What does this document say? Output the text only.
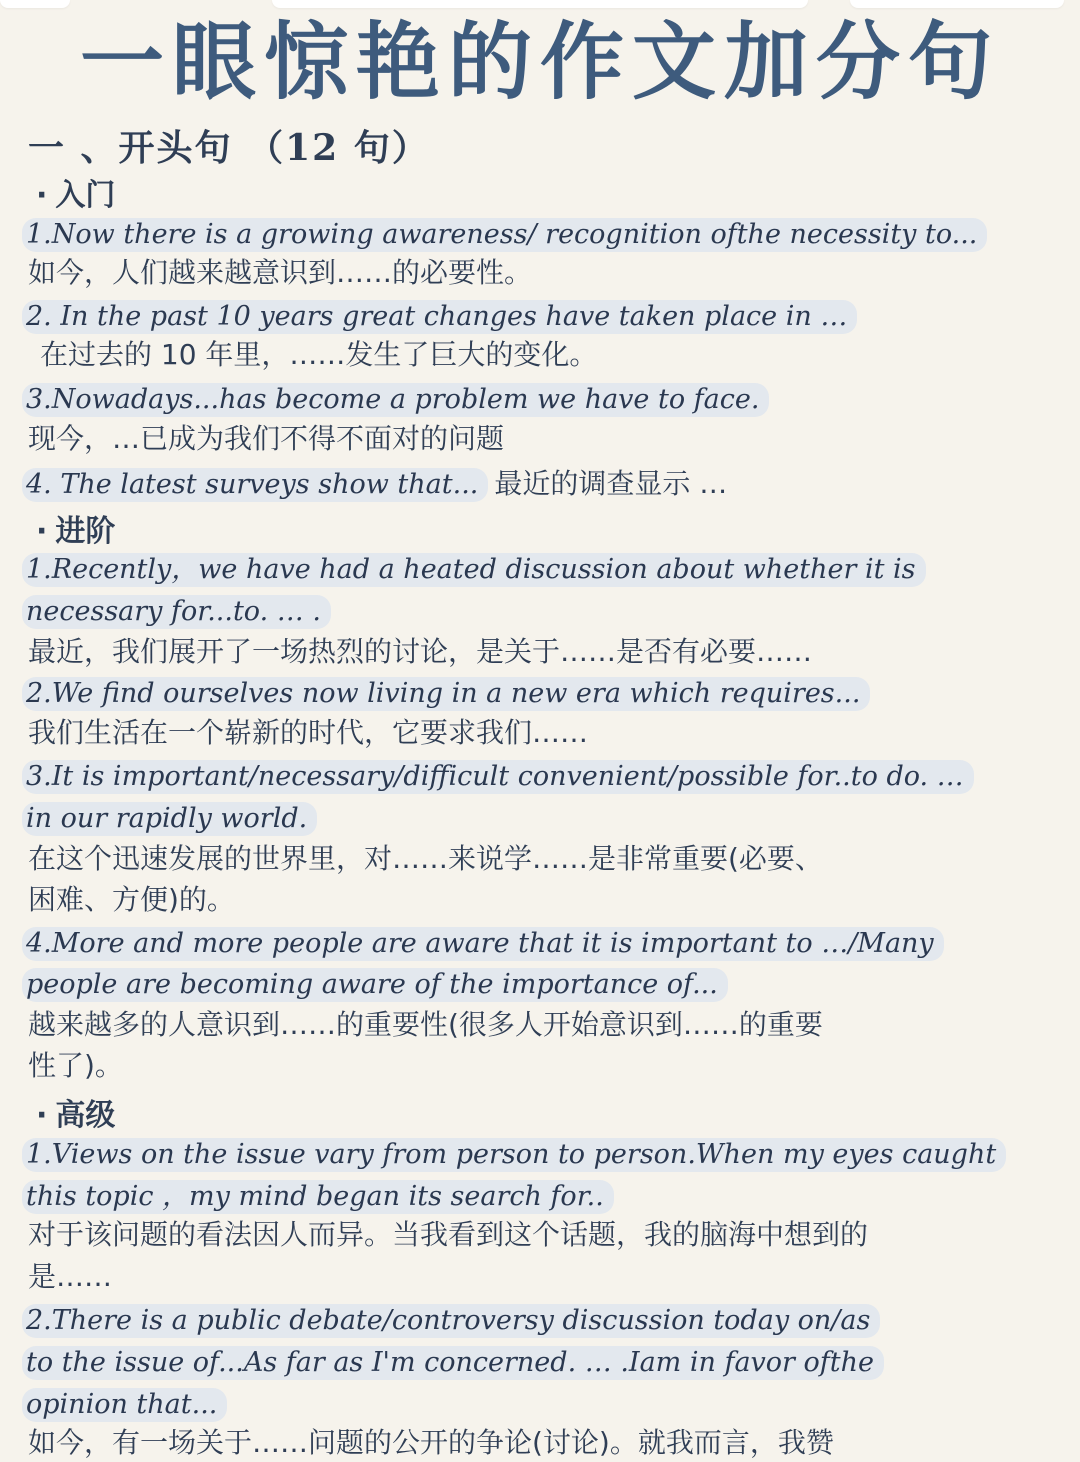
一眼惊艳的作文加分句
一 、开头句 （12 句）
· 入门
1.Now there is a growing awareness/ recognition ofthe necessity to...
如今，人们越来越意识到……的必要性。
2. In the past 10 years great changes have taken place in …
在过去的 10 年里，……发生了巨大的变化。
3.Nowadays...has become a problem we have to face.
现今，…已成为我们不得不面对的问题
4. The latest surveys show that... 最近的调查显示 …
· 进阶
1.Recently，we have had a heated discussion about whether it is
necessary for...to. … .
最近，我们展开了一场热烈的讨论，是关于……是否有必要……
2.We find ourselves now living in a new era which requires...
我们生活在一个崭新的时代，它要求我们……
3.It is important/necessary/difficult convenient/possible for..to do. …
in our rapidly world.
在这个迅速发展的世界里，对……来说学……是非常重要(必要、
困难、方便)的。
4.More and more people are aware that it is important to …/Many
people are becoming aware of the importance of...
越来越多的人意识到……的重要性(很多人开始意识到……的重要
性了)。
· 高级
1.Views on the issue vary from person to person.When my eyes caught
this topic ，my mind began its search for..
对于该问题的看法因人而异。当我看到这个话题，我的脑海中想到的
是……
2.There is a public debate/controversy discussion today on/as
to the issue of...As far as I'm concerned. … .Iam in favor ofthe
opinion that...
如今，有一场关于……问题的公开的争论(讨论)。就我而言，我赞
